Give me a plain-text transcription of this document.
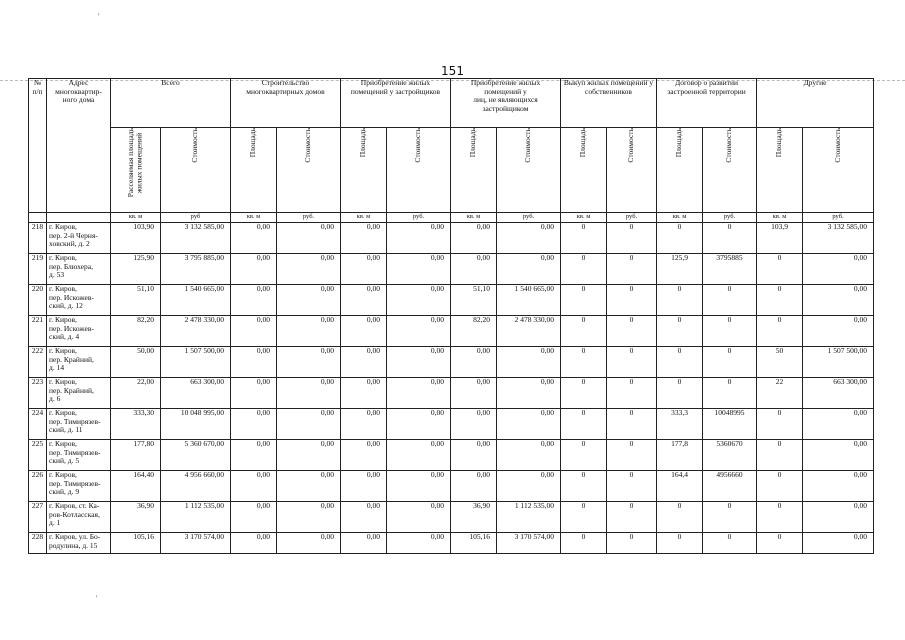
'
'
151
№
п/п	Адрес
многоквартир-
ного дома	Всего		Строительство
многоквартирных домов		Приобретение жилых
помещений у застройщиков		Приобретение жилых
помещений у
лиц, не являющихся
застройщиком		Выкуп жилых помещений у
собственников		Договор о развитии
застроенной территории		Другие	

		Расселяемая площадь
жилых помещений	Стоимость	Площадь	Стоимость	Площадь	Стоимость	Площадь	Стоимость	Площадь	Стоимость	Площадь	Стоимость	Площадь	Стоимость

		кв. м	руб	кв. м	руб.	кв. м	руб.	кв. м	руб.	кв. м	руб.	кв. м	руб.	кв. м	руб.
218	г. Киров,
пер. 2-й Черня-
ховский, д. 2	103,90	3 132 585,00	0,00	0,00	0,00	0,00	0,00	0,00	0	0	0	0	103,9	3 132 585,00
219	г. Киров,
пер. Блюхера,
д. 53	125,90	3 795 885,00	0,00	0,00	0,00	0,00	0,00	0,00	0	0	125,9	3795885	0	0,00
220	г. Киров,
пер. Искожев-
ский, д. 12	51,10	1 540 665,00	0,00	0,00	0,00	0,00	51,10	1 540 665,00	0	0	0	0	0	0,00
221	г. Киров,
пер. Искожев-
ский, д. 4	82,20	2 478 330,00	0,00	0,00	0,00	0,00	82,20	2 478 330,00	0	0	0	0	0	0,00
222	г. Киров,
пер. Крайний,
д. 14	50,00	1 507 500,00	0,00	0,00	0,00	0,00	0,00	0,00	0	0	0	0	50	1 507 500,00
223	г. Киров,
пер. Крайний,
д. 6	22,00	663 300,00	0,00	0,00	0,00	0,00	0,00	0,00	0	0	0	0	22	663 300,00
224	г. Киров,
пер. Тимирязев-
ский, д. 11	333,30	10 048 995,00	0,00	0,00	0,00	0,00	0,00	0,00	0	0	333,3	10048995	0	0,00
225	г. Киров,
пер. Тимирязев-
ский, д. 5	177,80	5 360 670,00	0,00	0,00	0,00	0,00	0,00	0,00	0	0	177,8	5360670	0	0,00
226	г. Киров,
пер. Тимирязев-
ский, д. 9	164,40	4 956 660,00	0,00	0,00	0,00	0,00	0,00	0,00	0	0	164,4	4956660	0	0,00
227	г. Киров, ст. Ка-
ров-Котласская,
д. 1	36,90	1 112 535,00	0,00	0,00	0,00	0,00	36,90	1 112 535,00	0	0	0	0	0	0,00
228	г. Киров, ул. Бо-
родулина, д. 15	105,16	3 170 574,00	0,00	0,00	0,00	0,00	105,16	3 170 574,00	0	0	0	0	0	0,00
